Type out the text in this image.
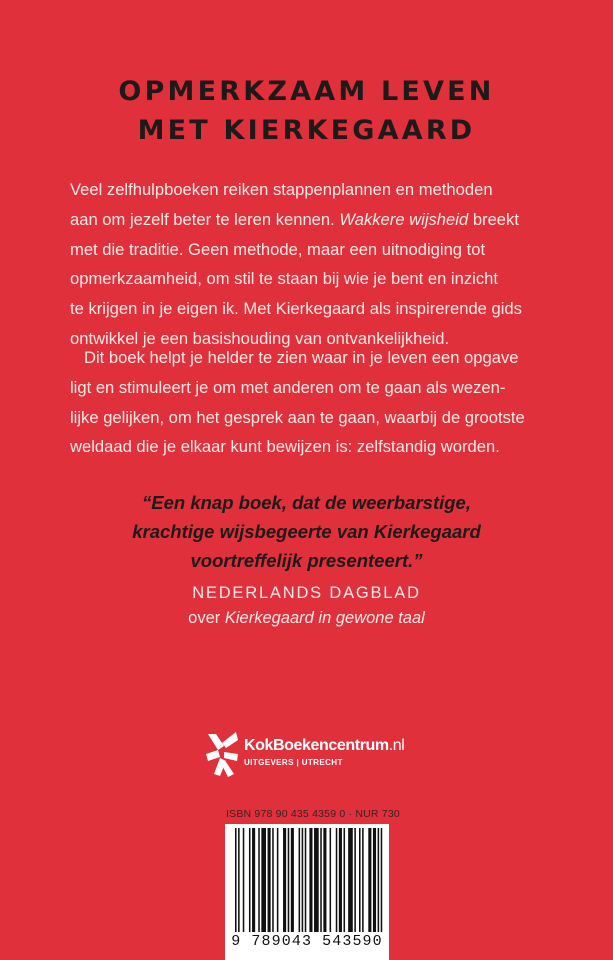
OPMERKZAAM LEVEN
MET KIERKEGAARD
Veel zelfhulpboeken reiken stappenplannen en methoden
aan om jezelf beter te leren kennen. Wakkere wijsheid breekt
met die traditie. Geen methode, maar een uitnodiging tot
opmerkzaamheid, om stil te staan bij wie je bent en inzicht
te krijgen in je eigen ik. Met Kierkegaard als inspirerende gids
ontwikkel je een basishouding van ontvankelijkheid.
Dit boek helpt je helder te zien waar in je leven een opgave
ligt en stimuleert je om met anderen om te gaan als wezen-
lijke gelijken, om het gesprek aan te gaan, waarbij de grootste
weldaad die je elkaar kunt bewijzen is: zelfstandig worden.
“Een knap boek, dat de weerbarstige,
krachtige wijsbegeerte van Kierkegaard
voortreffelijk presenteert.”
NEDERLANDS DAGBLAD
over Kierkegaard in gewone taal
KokBoekencentrum.nl
UITGEVERS | UTRECHT
ISBN 978 90 435 4359 0 · NUR 730
9 789043 543590
